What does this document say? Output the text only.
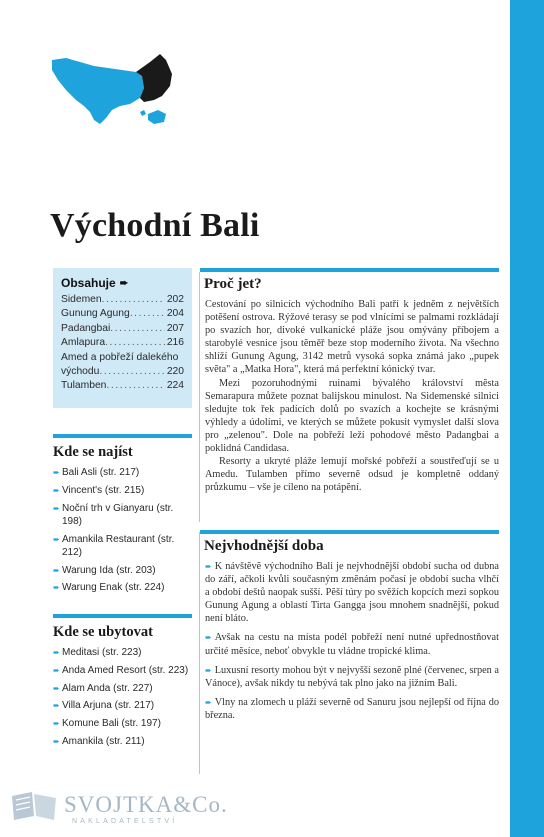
Východní Bali
Obsahuje ➨
Sidemen .....	202
Gunung Agung .....	204
Padangbai .....	207
Amlapura .....	216
Amed a pobřeží dalekého
východu .....	220
Tulamben .....	224
Kde se najíst
➨ Bali Asli (str. 217)
➨ Vincent's (str. 215)
➨ Noční trh v Gianyaru (str. 198)
➨ Amankila Restaurant (str. 212)
➨ Warung Ida (str. 203)
➨ Warung Enak (str. 224)
Kde se ubytovat
➨ Meditasi (str. 223)
➨ Anda Amed Resort (str. 223)
➨ Alam Anda (str. 227)
➨ Villa Arjuna (str. 217)
➨ Komune Bali (str. 197)
➨ Amankila (str. 211)
Proč jet?

Cestování po silnicích východního Bali patří k jednĕm z nejvĕtších potĕšení ostrova. Rýžové terasy se pod vlnícími se palmami rozkládají po svazích hor, divoké vulkanické pláže jsou omývány příbojem a starobylé vesnice jsou tĕměř beze stop moderního života. Na všechno shlíží Gunung Agung, 3142 metrů vysoká sopka známá jako „pupek svĕta" a „Matka Hora", která má perfektní kónický tvar.

Mezi pozoruhodnými ruinami bývalého království mĕsta Semarapura můžete poznat balijskou minulost. Na Sidemenské silnici sledujte tok řek padících dolů po svazích a kochejte se krásnými výhledy a údolími, ve kterých se můžete pokusit vymyslet další slova pro „zelenou". Dole na pobřeží leží pohodové mĕsto Padangbai a poklidná Candidasa.

Resorty a ukryté pláže lemují mořské pobřeží a soustřeďují se u Amedu. Tulamben přímo severnĕ odsud je kompletnĕ oddaný průzkumu – vše je cíleno na potápĕní.

Nejvhodnější doba
➨ K návštĕvĕ východního Bali je nejvhodnĕjší období sucha od dubna do září, ačkoli kvůli současným zmĕnám počasí je období sucha vlhčí a období deštů naopak sušší. Pĕší túry po svĕžích kopcích mezi sopkou Gunung Agung a oblastí Tirta Gangga jsou mnohem snadnĕjší, pokud není bláto.
➨ Avšak na cestu na místa podél pobřeží není nutné upřednostňovat určité mĕsíce, neboť obvykle tu vládne tropické klima.
➨ Luxusní resorty mohou být v nejvyšší sezonĕ plné (červenec, srpen a Vánoce), avšak nikdy tu nebývá tak plno jako na jižním Bali.
➨ Vlny na zlomech u pláží severnĕ od Sanuru jsou nejlepší od října do března.
SVOJTKA&Co.
NAKLADATELSTVÍ
